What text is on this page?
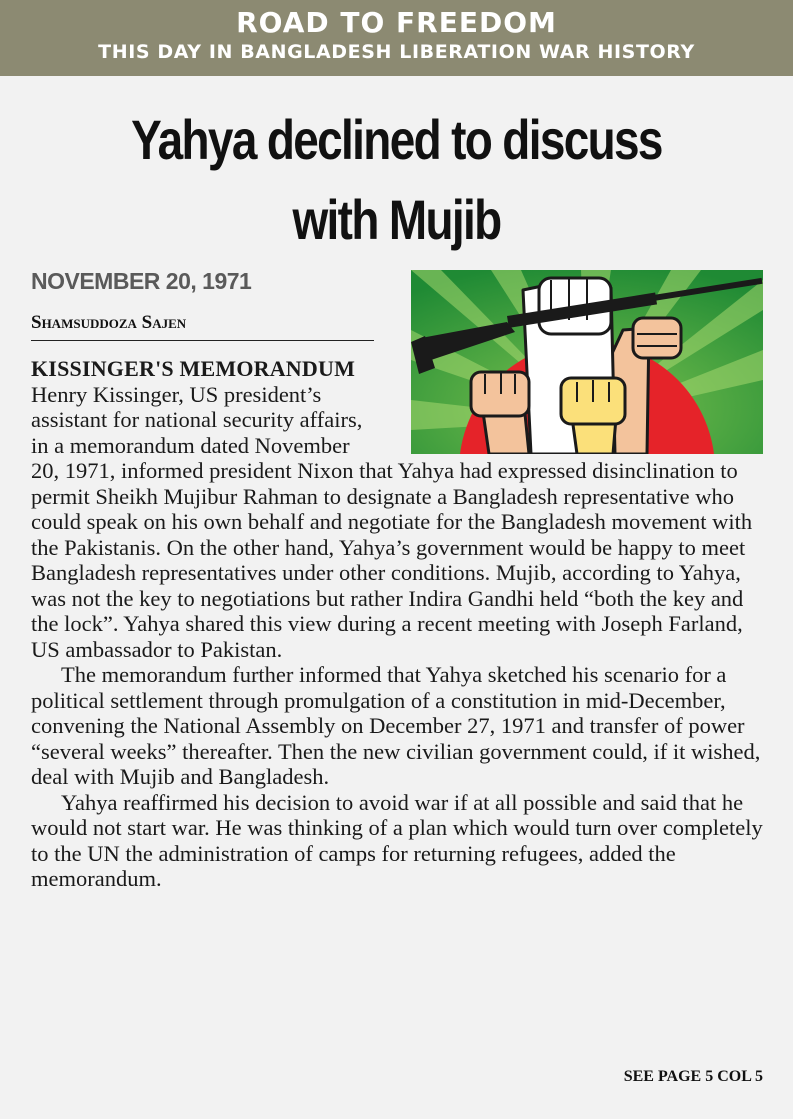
ROAD TO FREEDOM
THIS DAY IN BANGLADESH LIBERATION WAR HISTORY
Yahya declined to discuss
with Mujib
NOVEMBER 20, 1971
Shamsuddoza Sajen
KISSINGER'S MEMORANDUM

Henry Kissinger, US president’s assistant for national security affairs, in a memorandum dated November 20, 1971, informed president Nixon that Yahya had expressed disinclination to permit Sheikh Mujibur Rahman to designate a Bangladesh representative who could speak on his own behalf and negotiate for the Bangladesh movement with the Pakistanis. On the other hand, Yahya’s government would be happy to meet Bangladesh representatives under other conditions. Mujib, according to Yahya, was not the key to negotiations but rather Indira Gandhi held “both the key and the lock”. Yahya shared this view during a recent meeting with Joseph Farland, US ambassador to Pakistan.

The memorandum further informed that Yahya sketched his scenario for a political settlement through promulgation of a constitution in mid-December, convening the National Assembly on December 27, 1971 and transfer of power “several weeks” thereafter. Then the new civilian government could, if it wished, deal with Mujib and Bangladesh.

Yahya reaffirmed his decision to avoid war if at all possible and said that he would not start war. He was thinking of a plan which would turn over completely to the UN the administration of camps for returning refugees, added the memorandum.

SEE PAGE 5 COL 5
